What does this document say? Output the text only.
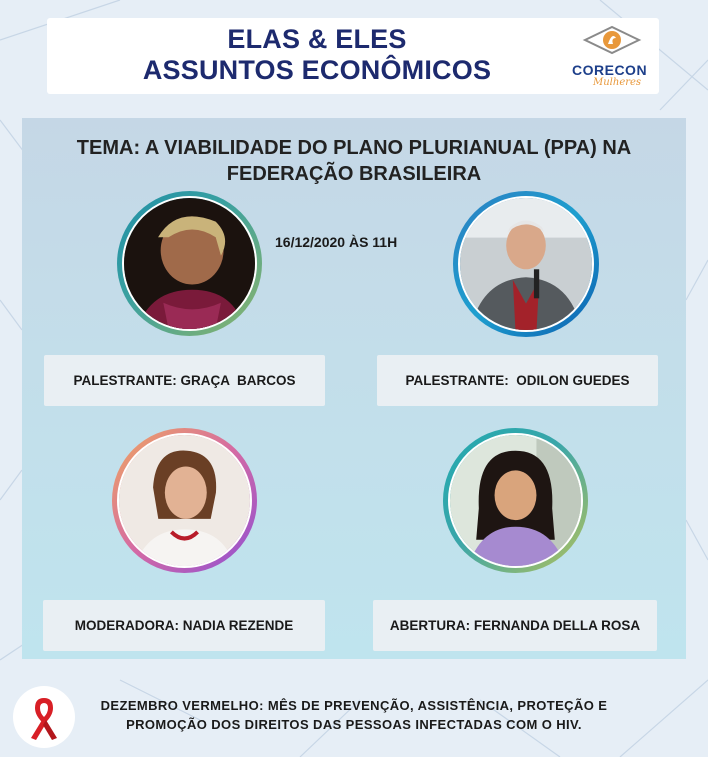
ELAS & ELES
ASSUNTOS ECONÔMICOS	CORECON
Mulheres
TEMA: A VIABILIDADE DO PLANO PLURIANUAL (PPA) NA
FEDERAÇÃO BRASILEIRA
16/12/2020 ÀS 11H
PALESTRANTE: GRAÇA  BARCOS	PALESTRANTE:  ODILON GUEDES
MODERADORA: NADIA REZENDE	ABERTURA: FERNANDA DELLA ROSA
DEZEMBRO VERMELHO: MÊS DE PREVENÇÃO, ASSISTÊNCIA, PROTEÇÃO E
PROMOÇÃO DOS DIREITOS DAS PESSOAS INFECTADAS COM O HIV.
